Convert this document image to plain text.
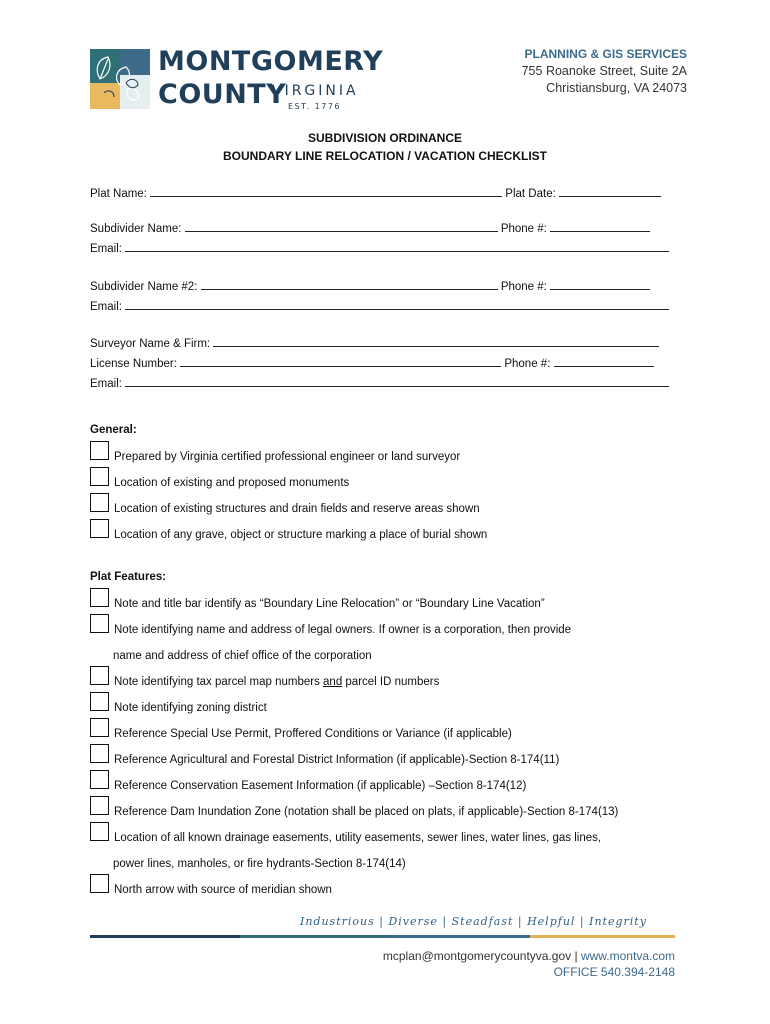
MONTGOMERY
COUNTY
VIRGINIA
EST. 1776
PLANNING & GIS SERVICES
755 Roanoke Street, Suite 2A
Christiansburg, VA 24073
SUBDIVISION ORDINANCE
BOUNDARY LINE RELOCATION / VACATION CHECKLIST
Plat Name:	Plat Date:
Subdivider Name:	Phone #:
Email:
Subdivider Name #2:	Phone #:
Email:
Surveyor Name & Firm:
License Number:	Phone #:
Email:
General:
Prepared by Virginia certified professional engineer or land surveyor
Location of existing and proposed monuments
Location of existing structures and drain fields and reserve areas shown
Location of any grave, object or structure marking a place of burial shown
Plat Features:
Note and title bar identify as “Boundary Line Relocation” or “Boundary Line Vacation”
Note identifying name and address of legal owners. If owner is a corporation, then provide
name and address of chief office of the corporation
Note identifying tax parcel map numbers and parcel ID numbers
Note identifying zoning district
Reference Special Use Permit, Proffered Conditions or Variance (if applicable)
Reference Agricultural and Forestal District Information (if applicable)-Section 8-174(11)
Reference Conservation Easement Information (if applicable) –Section 8-174(12)
Reference Dam Inundation Zone (notation shall be placed on plats, if applicable)-Section 8-174(13)
Location of all known drainage easements, utility easements, sewer lines, water lines, gas lines,
power lines, manholes, or fire hydrants-Section 8-174(14)
North arrow with source of meridian shown
Industrious | Diverse | Steadfast | Helpful | Integrity
mcplan@montgomerycountyva.gov | www.montva.com
OFFICE 540.394-2148
